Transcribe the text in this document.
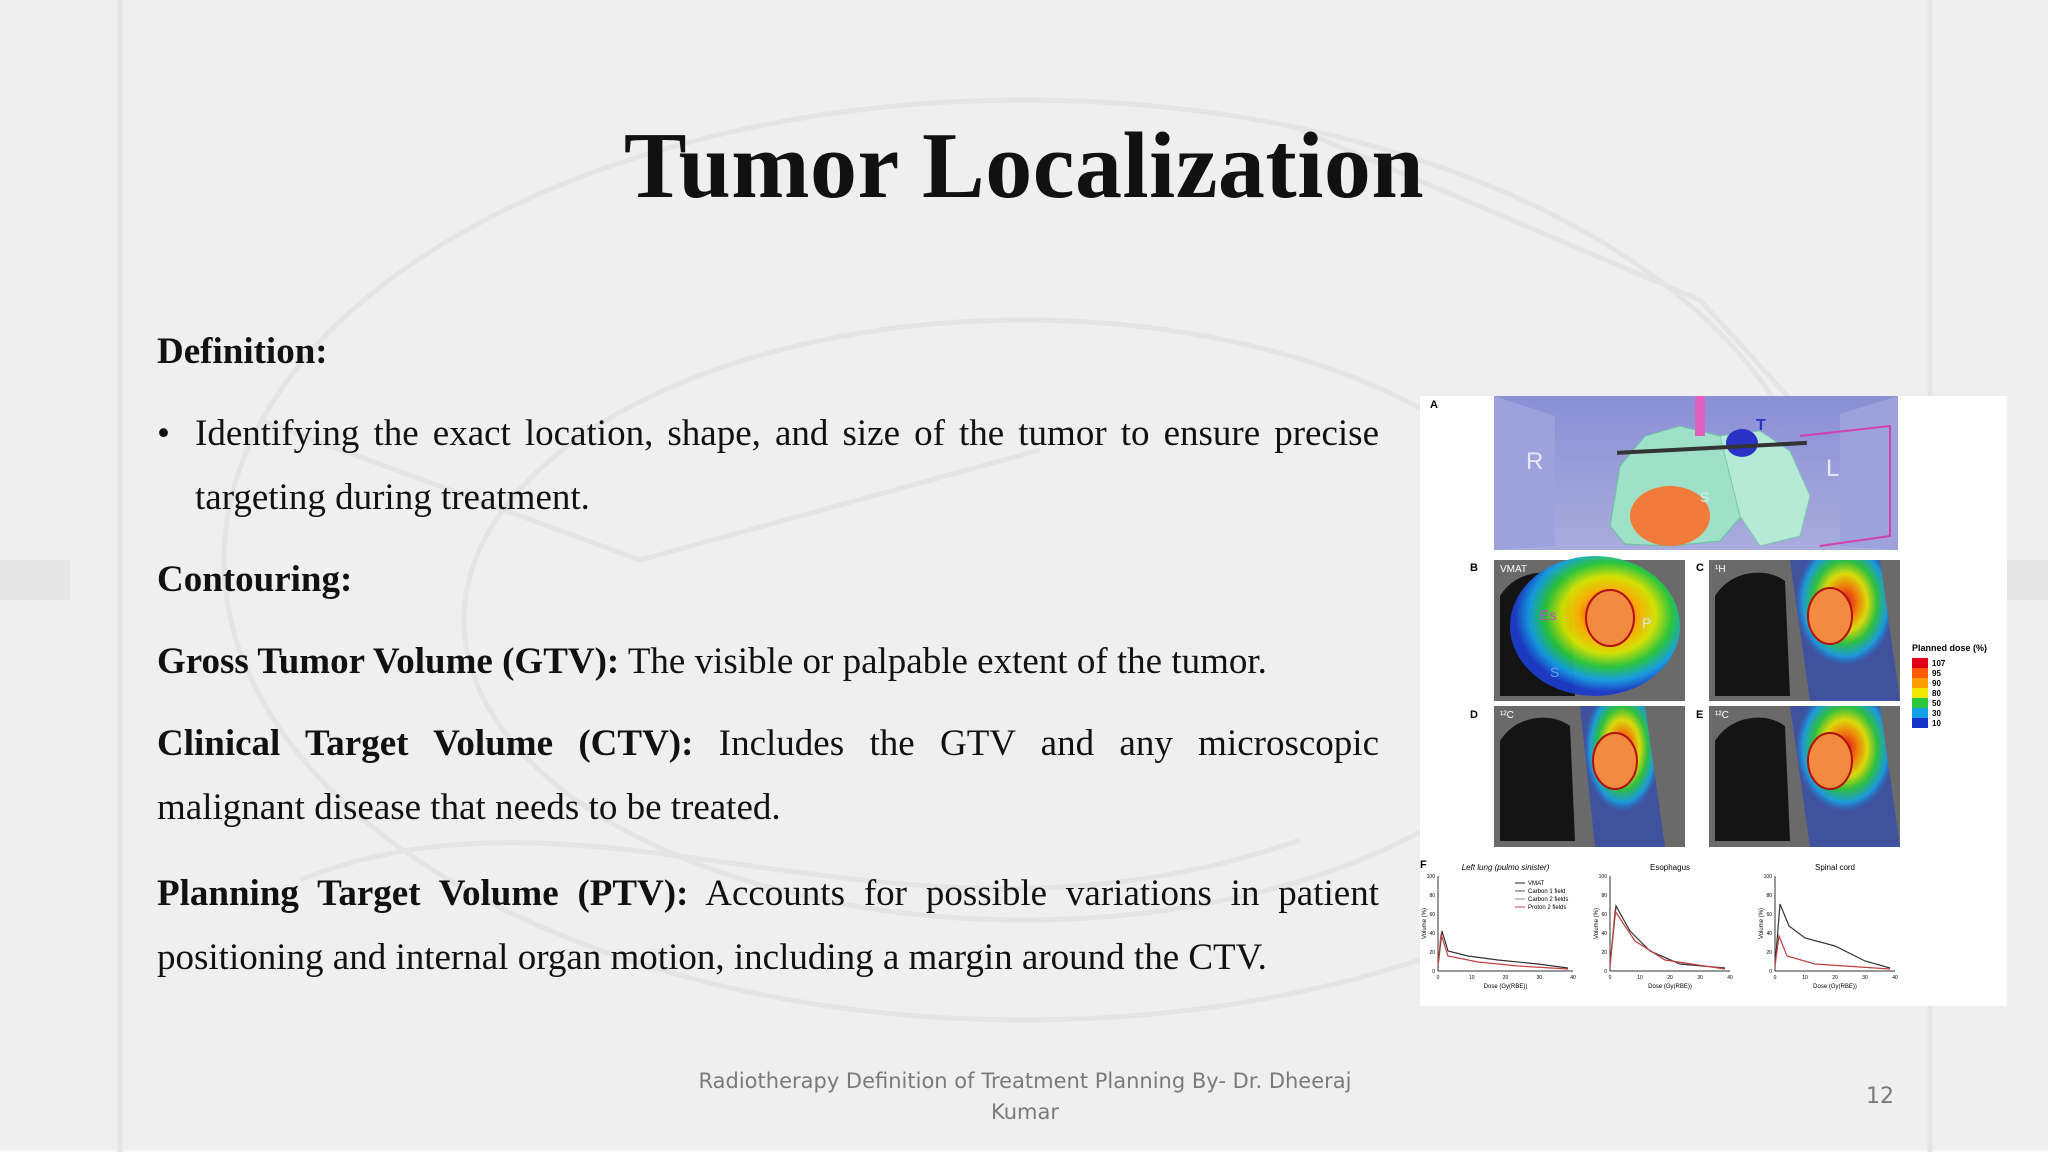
Tumor Localization

Definition:

• Identifying the exact location, shape, and size of the tumor to ensure precise targeting during treatment.

Contouring:

Gross Tumor Volume (GTV): The visible or palpable extent of the tumor.

Clinical Target Volume (CTV): Includes the GTV and any microscopic malignant disease that needs to be treated.

Planning Target Volume (PTV): Accounts for possible variations in patient positioning and internal organ motion, including a margin around the CTV.

A
R	L
T
S
B VMAT
Es	P
S
C ¹H
D ¹²C	E ¹²C
Planned dose (%)
107
95
90
80
50
30
10
F	Left lung (pulmo sinister)
100
80
60
40
20
0
0	10	20	30	40
Volume (%)
Dose (Gy(RBE))
Esophagus
100
80
60
40
20
0
0	10	20	30	40
Volume (%)
Dose (Gy(RBE))
Spinal cord
100
80
60
40
20
0
0	10	20	30	40
Volume (%)
Dose (Gy(RBE))
VMAT
Carbon 1 field
Carbon 2 fields
Proton 2 fields
Radiotherapy Definition of Treatment Planning By- Dr. Dheeraj
Kumar
12
